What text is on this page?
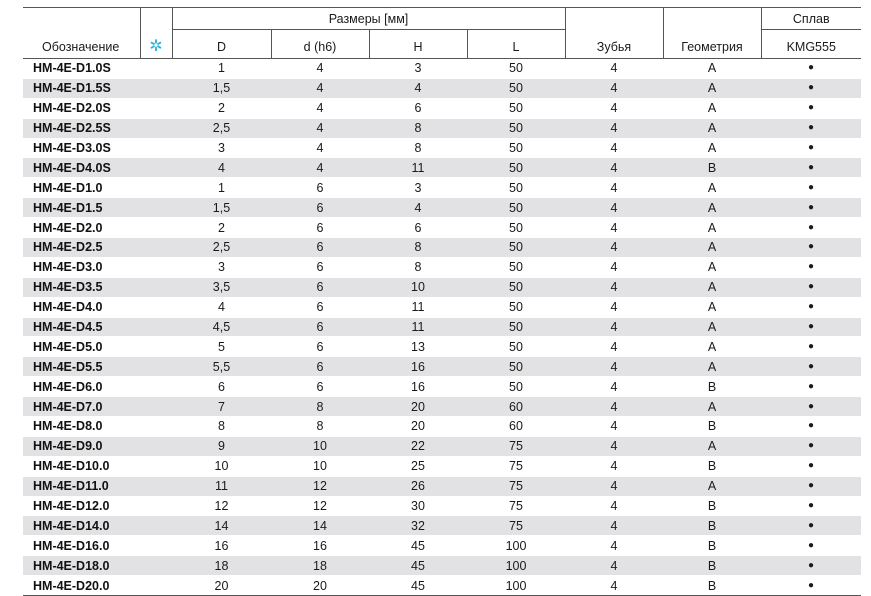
Обозначение	✲	Размеры [мм]				Зубья	Геометрия	Сплав
		D	d (h6)	H	L			KMG555
HM-4E-D1.0S		1	4	3	50	4	A	●
HM-4E-D1.5S		1,5	4	4	50	4	A	●
HM-4E-D2.0S		2	4	6	50	4	A	●
HM-4E-D2.5S		2,5	4	8	50	4	A	●
HM-4E-D3.0S		3	4	8	50	4	A	●
HM-4E-D4.0S		4	4	11	50	4	B	●
HM-4E-D1.0		1	6	3	50	4	A	●
HM-4E-D1.5		1,5	6	4	50	4	A	●
HM-4E-D2.0		2	6	6	50	4	A	●
HM-4E-D2.5		2,5	6	8	50	4	A	●
HM-4E-D3.0		3	6	8	50	4	A	●
HM-4E-D3.5		3,5	6	10	50	4	A	●
HM-4E-D4.0		4	6	11	50	4	A	●
HM-4E-D4.5		4,5	6	11	50	4	A	●
HM-4E-D5.0		5	6	13	50	4	A	●
HM-4E-D5.5		5,5	6	16	50	4	A	●
HM-4E-D6.0		6	6	16	50	4	B	●
HM-4E-D7.0		7	8	20	60	4	A	●
HM-4E-D8.0		8	8	20	60	4	B	●
HM-4E-D9.0		9	10	22	75	4	A	●
HM-4E-D10.0		10	10	25	75	4	B	●
HM-4E-D11.0		11	12	26	75	4	A	●
HM-4E-D12.0		12	12	30	75	4	B	●
HM-4E-D14.0		14	14	32	75	4	B	●
HM-4E-D16.0		16	16	45	100	4	B	●
HM-4E-D18.0		18	18	45	100	4	B	●
HM-4E-D20.0		20	20	45	100	4	B	●
